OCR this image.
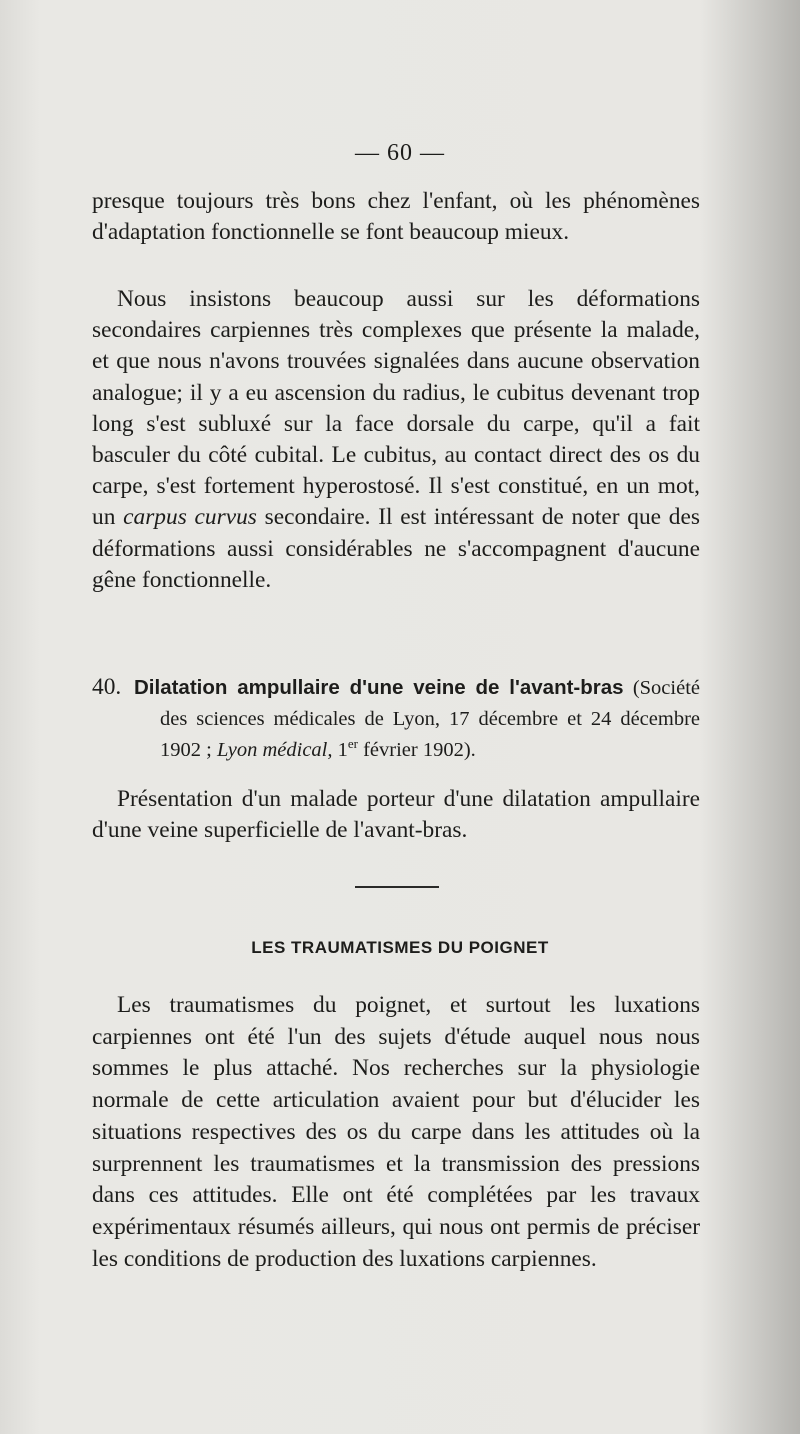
— 60 —

presque toujours très bons chez l'enfant, où les phénomènes d'adaptation fonctionnelle se font beaucoup mieux.

Nous insistons beaucoup aussi sur les déformations secondaires carpiennes très complexes que présente la malade, et que nous n'avons trouvées signalées dans aucune observation analogue; il y a eu ascension du radius, le cubitus devenant trop long s'est subluxé sur la face dorsale du carpe, qu'il a fait basculer du côté cubital. Le cubitus, au contact direct des os du carpe, s'est fortement hyperostosé. Il s'est constitué, en un mot, un carpus curvus secondaire. Il est intéressant de noter que des déformations aussi considérables ne s'accompagnent d'aucune gêne fonctionnelle.

40. Dilatation ampullaire d'une veine de l'avant-bras (Société des sciences médicales de Lyon, 17 décembre et 24 décembre 1902 ; Lyon médical, 1er février 1902).

Présentation d'un malade porteur d'une dilatation ampullaire d'une veine superficielle de l'avant-bras.

LES TRAUMATISMES DU POIGNET

Les traumatismes du poignet, et surtout les luxations carpiennes ont été l'un des sujets d'étude auquel nous nous sommes le plus attaché. Nos recherches sur la physiologie normale de cette articulation avaient pour but d'élucider les situations respectives des os du carpe dans les attitudes où la surprennent les traumatismes et la transmission des pressions dans ces attitudes. Elle ont été complétées par les travaux expérimentaux résumés ailleurs, qui nous ont permis de préciser les conditions de production des luxations carpiennes.
